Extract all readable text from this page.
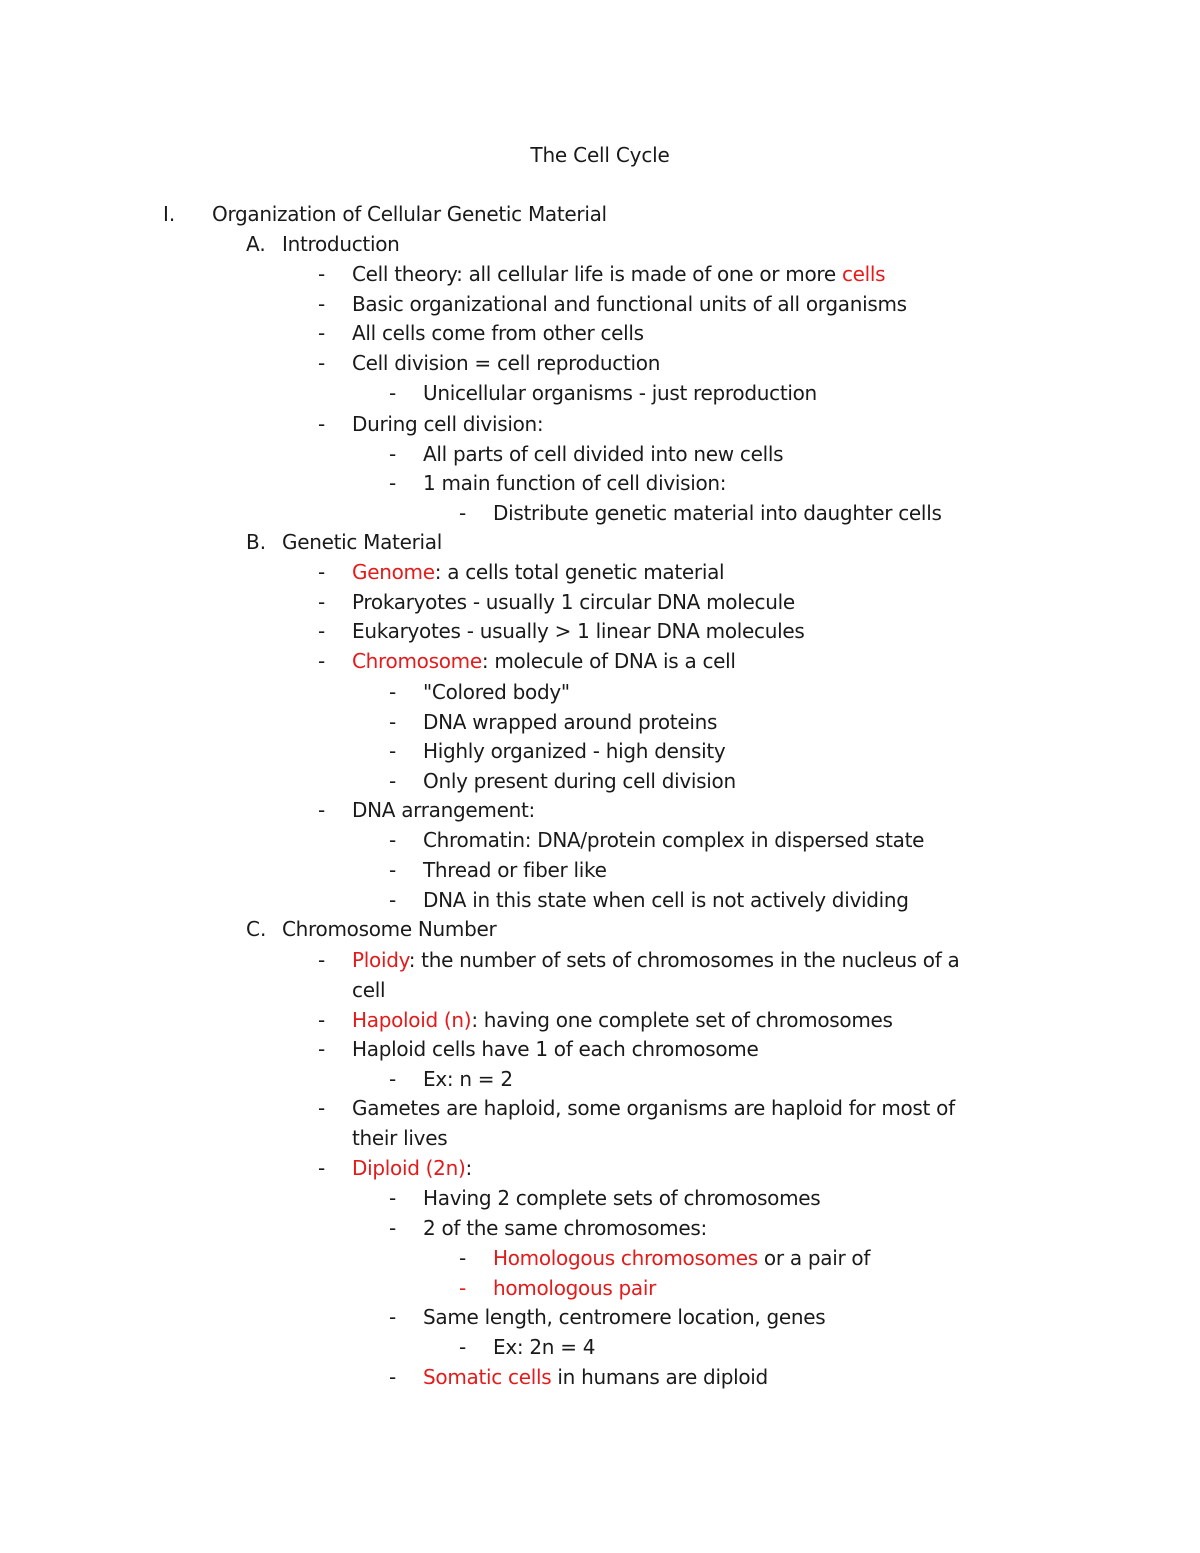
The Cell Cycle
I. Organization of Cellular Genetic Material
A. Introduction
- Cell theory: all cellular life is made of one or more cells
- Basic organizational and functional units of all organisms
- All cells come from other cells
- Cell division = cell reproduction
- Unicellular organisms - just reproduction
- During cell division:
- All parts of cell divided into new cells
- 1 main function of cell division:
- Distribute genetic material into daughter cells
B. Genetic Material
- Genome: a cells total genetic material
- Prokaryotes - usually 1 circular DNA molecule
- Eukaryotes - usually > 1 linear DNA molecules
- Chromosome: molecule of DNA is a cell
- "Colored body"
- DNA wrapped around proteins
- Highly organized - high density
- Only present during cell division
- DNA arrangement:
- Chromatin: DNA/protein complex in dispersed state
- Thread or fiber like
- DNA in this state when cell is not actively dividing
C. Chromosome Number
- Ploidy: the number of sets of chromosomes in the nucleus of a
cell
- Hapoloid (n): having one complete set of chromosomes
- Haploid cells have 1 of each chromosome
- Ex: n = 2
- Gametes are haploid, some organisms are haploid for most of
their lives
- Diploid (2n):
- Having 2 complete sets of chromosomes
- 2 of the same chromosomes:
- Homologous chromosomes or a pair of
- homologous pair
- Same length, centromere location, genes
- Ex: 2n = 4
- Somatic cells in humans are diploid
